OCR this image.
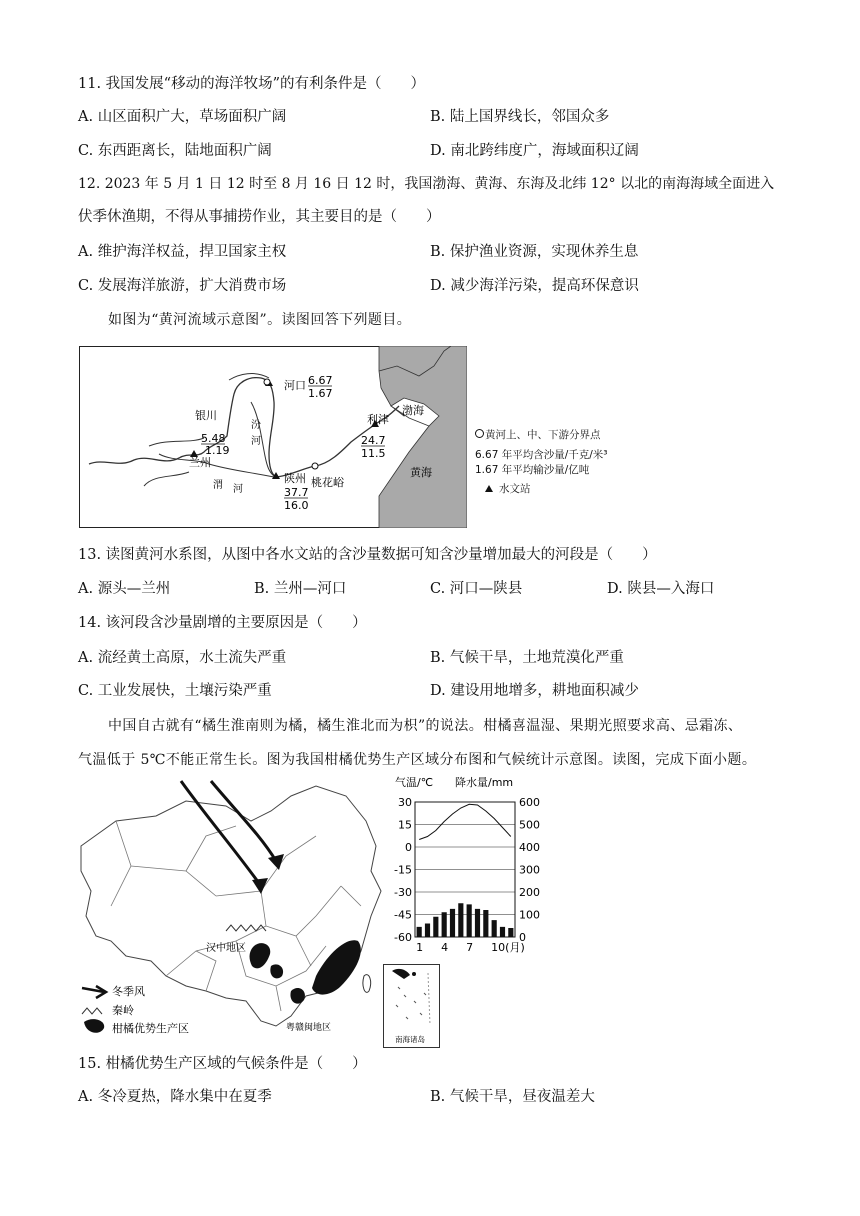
11. 我国发展“移动的海洋牧场”的有利条件是（　　）
A. 山区面积广大，草场面积广阔	B. 陆上国界线长，邻国众多
C. 东西距离长，陆地面积广阔	D. 南北跨纬度广，海域面积辽阔
12. 2023 年 5 月 1 日 12 时至 8 月 16 日 12 时，我国渤海、黄海、东海及北纬 12° 以北的南海海域全面进入
伏季休渔期，不得从事捕捞作业，其主要目的是（　　）
A. 维护海洋权益，捍卫国家主权	B. 保护渔业资源，实现休养生息
C. 发展海洋旅游，扩大消费市场	D. 减少海洋污染，提高环保意识
如图为“黄河流域示意图”。读图回答下列题目。
河口 6.67
1.67
银川
5.48
1.19
兰州
汾
河
渭 河
陕州
37.7
16.0
桃花峪
利津
24.7
11.5
渤海
黄海
黄河上、中、下游分界点
6.67 年平均含沙量/千克/米³
1.67 年平均输沙量/亿吨
水文站
13. 读图黄河水系图，从图中各水文站的含沙量数据可知含沙量增加最大的河段是（　　）
A. 源头—兰州	B. 兰州—河口	C. 河口—陕县	D. 陕县—入海口
14. 该河段含沙量剧增的主要原因是（　　）
A. 流经黄土高原，水土流失严重	B. 气候干旱，土地荒漠化严重
C. 工业发展快，土壤污染严重	D. 建设用地增多，耕地面积减少
中国自古就有“橘生淮南则为橘，橘生淮北而为枳”的说法。柑橘喜温湿、果期光照要求高、忌霜冻、
气温低于 5℃不能正常生长。图为我国柑橘优势生产区域分布图和气候统计示意图。读图，完成下面小题。
汉中地区
粤赣闽地区
冬季风
秦岭
柑橘优势生产区
气温/℃ 降水量/mm
30
15
0
-15
-30
-45
-60
600
500
400
300
200
100
0
1 4 7 10(月)
南海诸岛
15. 柑橘优势生产区域的气候条件是（　　）
A. 冬冷夏热，降水集中在夏季	B. 气候干旱，昼夜温差大
